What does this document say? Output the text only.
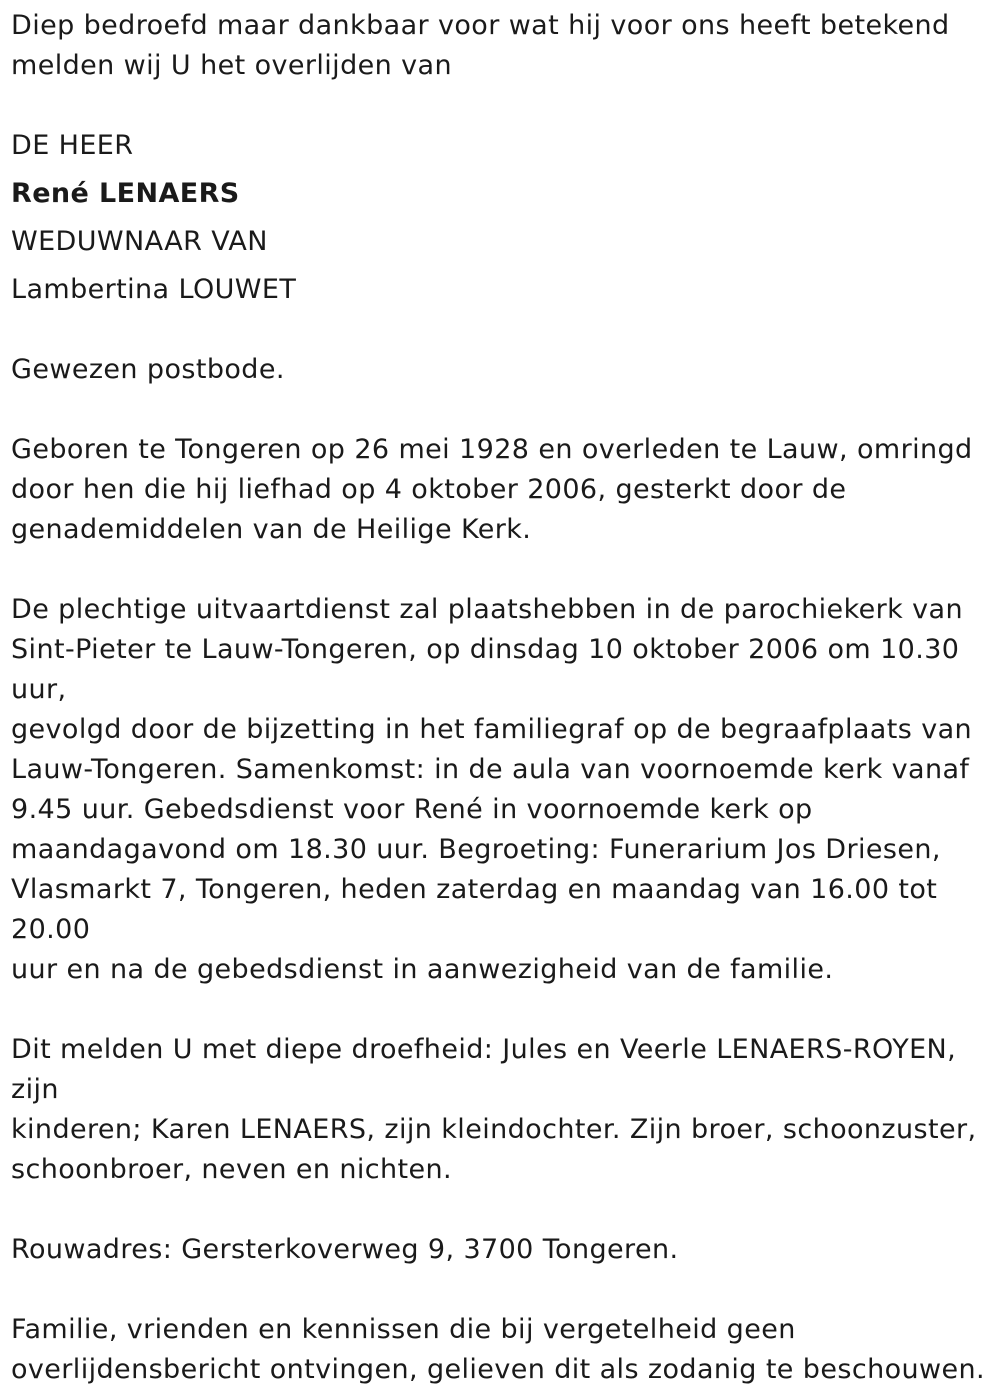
Diep bedroefd maar dankbaar voor wat hij voor ons heeft betekend
melden wij U het overlijden van
DE HEER
René LENAERS
WEDUWNAAR VAN
Lambertina LOUWET
Gewezen postbode.
Geboren te Tongeren op 26 mei 1928 en overleden te Lauw, omringd
door hen die hij liefhad op 4 oktober 2006, gesterkt door de
genademiddelen van de Heilige Kerk.
De plechtige uitvaartdienst zal plaatshebben in de parochiekerk van
Sint-Pieter te Lauw-Tongeren, op dinsdag 10 oktober 2006 om 10.30 uur,
gevolgd door de bijzetting in het familiegraf op de begraafplaats van
Lauw-Tongeren. Samenkomst: in de aula van voornoemde kerk vanaf
9.45 uur. Gebedsdienst voor René in voornoemde kerk op
maandagavond om 18.30 uur. Begroeting: Funerarium Jos Driesen,
Vlasmarkt 7, Tongeren, heden zaterdag en maandag van 16.00 tot 20.00
uur en na de gebedsdienst in aanwezigheid van de familie.
Dit melden U met diepe droefheid: Jules en Veerle LENAERS-ROYEN, zijn
kinderen; Karen LENAERS, zijn kleindochter. Zijn broer, schoonzuster,
schoonbroer, neven en nichten.
Rouwadres: Gersterkoverweg 9, 3700 Tongeren.
Familie, vrienden en kennissen die bij vergetelheid geen
overlijdensbericht ontvingen, gelieven dit als zodanig te beschouwen.
